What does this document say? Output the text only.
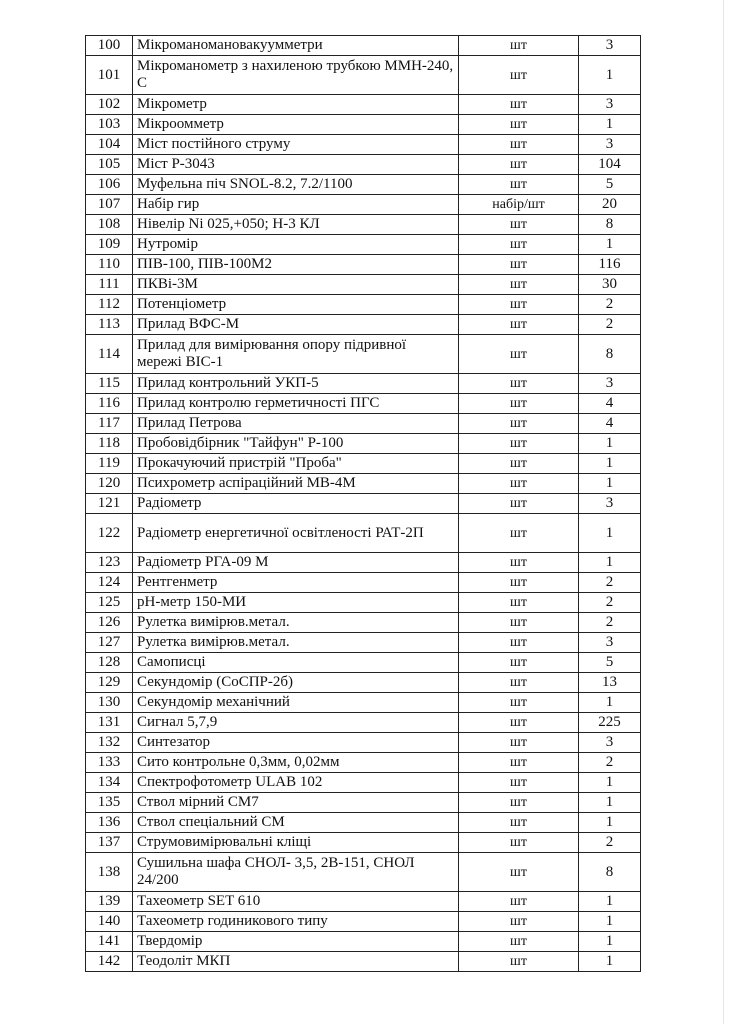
100	Мікроманомановакуумметри	шт	3
101	Мікроманометр з нахиленою трубкою ММН-240, С	шт	1
102	Мікрометр	шт	3
103	Мікроомметр	шт	1
104	Міст постійного струму	шт	3
105	Міст Р-3043	шт	104
106	Муфельна піч SNOL-8.2, 7.2/1100	шт	5
107	Набір гир	набір/шт	20
108	Нівелір Ni 025,+050; Н-3 КЛ	шт	8
109	Нутромір	шт	1
110	ПІВ-100, ПІВ-100М2	шт	116
111	ПКВі-3М	шт	30
112	Потенціометр	шт	2
113	Прилад ВФС-М	шт	2
114	Прилад для вимірювання опору підривної мережі ВІС-1	шт	8
115	Прилад контрольний УКП-5	шт	3
116	Прилад контролю герметичності ПГС	шт	4
117	Прилад Петрова	шт	4
118	Пробовідбірник "Тайфун" Р-100	шт	1
119	Прокачуючий пристрій "Проба"	шт	1
120	Психрометр аспіраційний МВ-4М	шт	1
121	Радіометр	шт	3
122	Радіометр енергетичної освітленості РАТ-2П	шт	1
123	Радіометр РГА-09 М	шт	1
124	Рентгенметр	шт	2
125	pH-метр 150-МИ	шт	2
126	Рулетка вимірюв.метал.	шт	2
127	Рулетка вимірюв.метал.	шт	3
128	Самописці	шт	5
129	Секундомір (СоСПР-2б)	шт	13
130	Секундомір механічний	шт	1
131	Сигнал 5,7,9	шт	225
132	Синтезатор	шт	3
133	Сито контрольне 0,3мм, 0,02мм	шт	2
134	Спектрофотометр ULAB 102	шт	1
135	Ствол мірний СМ7	шт	1
136	Ствол спеціальний СМ	шт	1
137	Струмовимірювальні кліщі	шт	2
138	Сушильна шафа СНОЛ- 3,5, 2В-151, СНОЛ 24/200	шт	8
139	Тахеометр SET 610	шт	1
140	Тахеометр годиникового типу	шт	1
141	Твердомір	шт	1
142	Теодоліт МКП	шт	1
